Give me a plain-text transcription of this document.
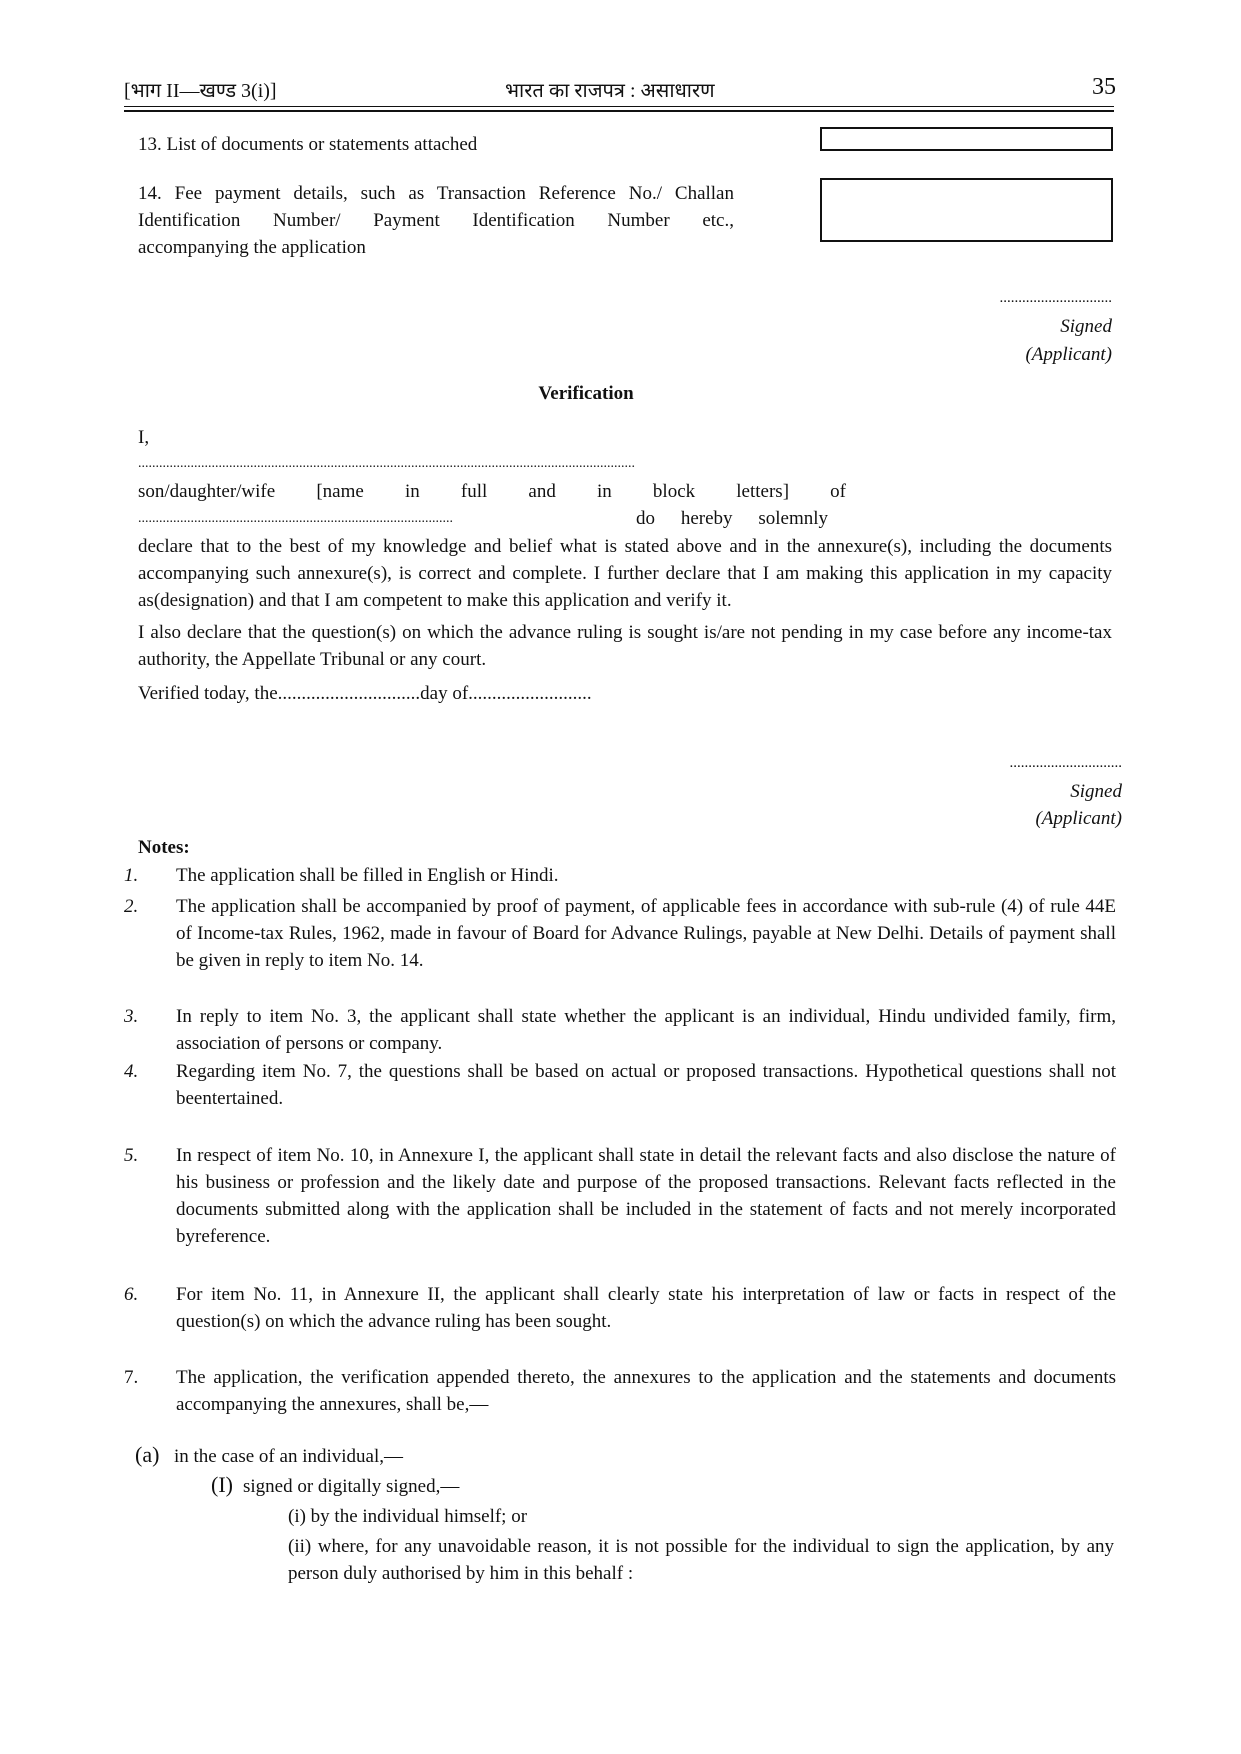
[भाग II—खण्ड 3(i)]	भारत का राजपत्र : असाधारण	35
13. List of documents or statements attached
14. Fee payment details, such as Transaction Reference No./ Challan
Identification Number/ Payment Identification Number etc.,
accompanying the application
..............................
Signed
(Applicant)
Verification
I,
..............................................................................................................................................
son/daughter/wife [name in full and in block letters] of
..........................................................................................	do hereby solemnly
declare that to the best of my knowledge and belief what is stated above and in the annexure(s), including the documents accompanying such annexure(s), is correct and complete. I further declare that I am making this application in my capacity as(designation) and that I am competent to make this application and verify it.
I also declare that the question(s) on which the advance ruling is sought is/are not pending in my case before any income-tax authority, the Appellate Tribunal or any court.
Verified today, the..............................day of..........................
..............................
Signed
(Applicant)
Notes:
1. The application shall be filled in English or Hindi.
2. The application shall be accompanied by proof of payment, of applicable fees in accordance with sub-rule (4) of rule 44E of Income-tax Rules, 1962, made in favour of Board for Advance Rulings, payable at New Delhi. Details of payment shall be given in reply to item No. 14.
3. In reply to item No. 3, the applicant shall state whether the applicant is an individual, Hindu undivided family, firm, association of persons or company.
4. Regarding item No. 7, the questions shall be based on actual or proposed transactions. Hypothetical questions shall not beentertained.
5. In respect of item No. 10, in Annexure I, the applicant shall state in detail the relevant facts and also disclose the nature of his business or profession and the likely date and purpose of the proposed transactions. Relevant facts reflected in the documents submitted along with the application shall be included in the statement of facts and not merely incorporated byreference.
6. For item No. 11, in Annexure II, the applicant shall clearly state his interpretation of law or facts in respect of the question(s) on which the advance ruling has been sought.
7. The application, the verification appended thereto, the annexures to the application and the statements and documents accompanying the annexures, shall be,—
(a) in the case of an individual,—
(I) signed or digitally signed,—
(i) by the individual himself; or
(ii) where, for any unavoidable reason, it is not possible for the individual to sign the application, by any person duly authorised by him in this behalf :
